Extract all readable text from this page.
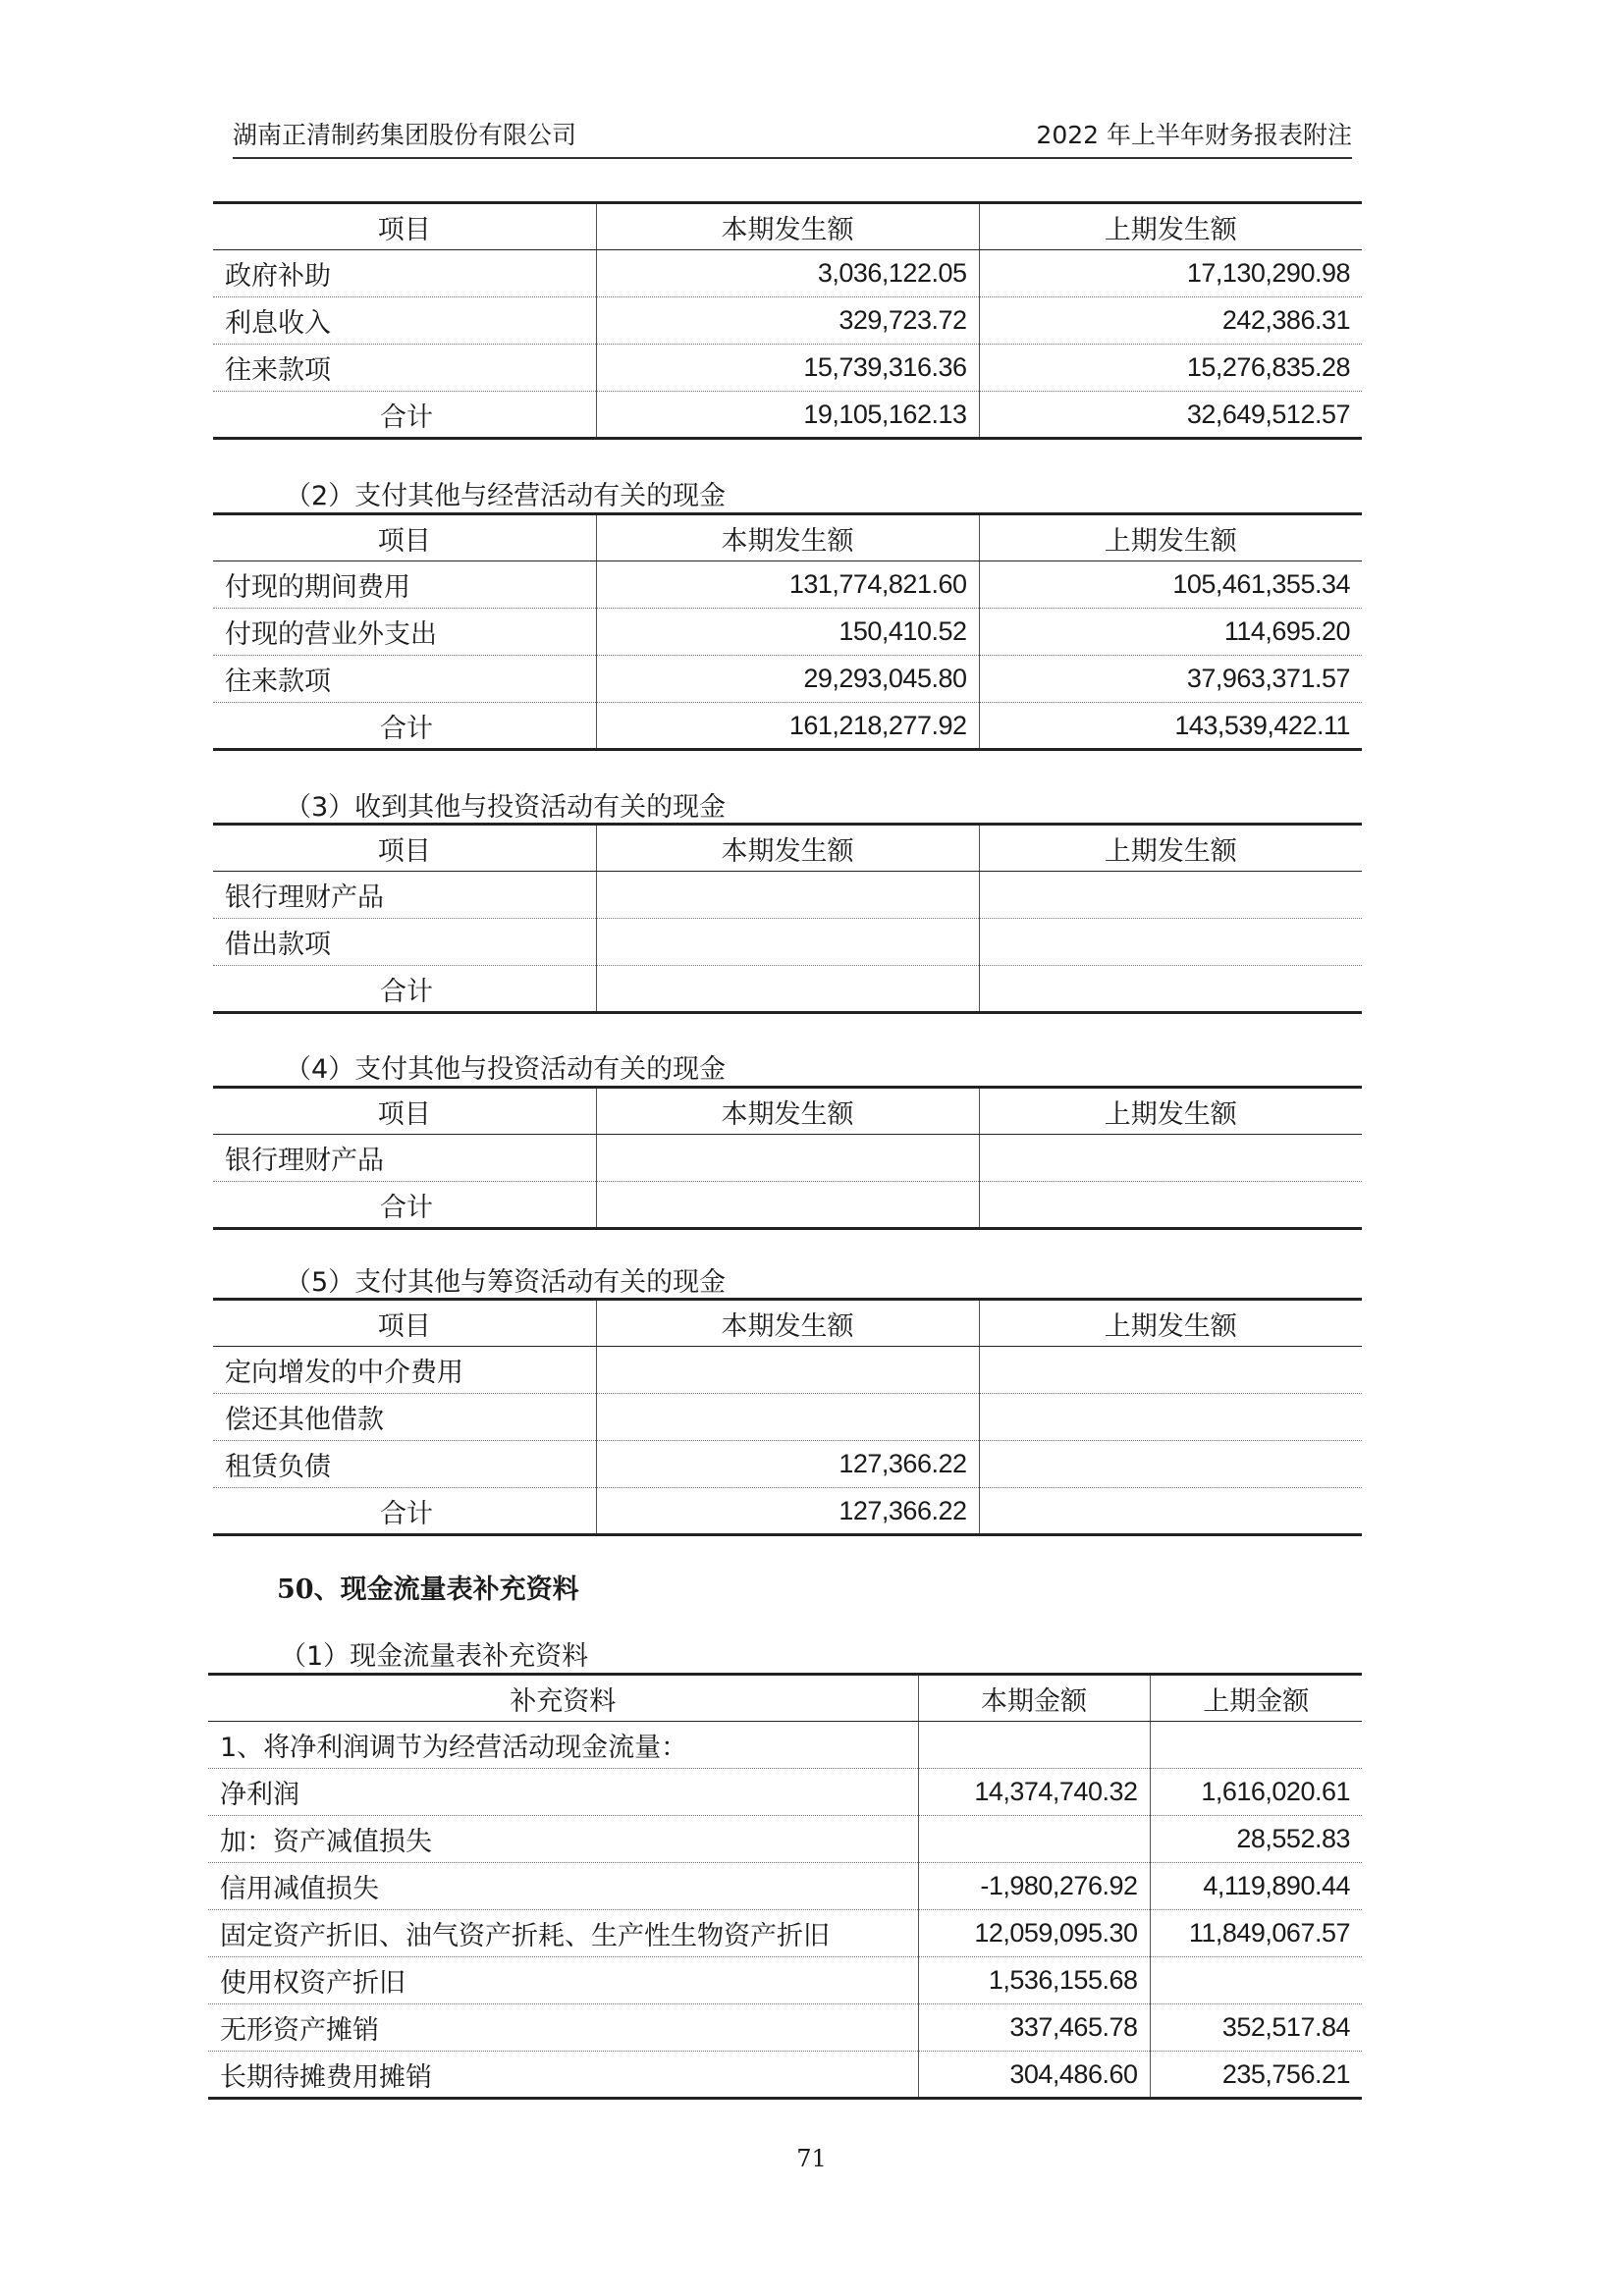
湖南正清制药集团股份有限公司	2022 年上半年财务报表附注
项目	本期发生额	上期发生额
政府补助	3,036,122.05	17,130,290.98
利息收入	329,723.72	242,386.31
往来款项	15,739,316.36	15,276,835.28
合计	19,105,162.13	32,649,512.57
（2）支付其他与经营活动有关的现金
项目	本期发生额	上期发生额
付现的期间费用	131,774,821.60	105,461,355.34
付现的营业外支出	150,410.52	114,695.20
往来款项	29,293,045.80	37,963,371.57
合计	161,218,277.92	143,539,422.11
（3）收到其他与投资活动有关的现金
项目	本期发生额	上期发生额
银行理财产品		
借出款项		
合计		
（4）支付其他与投资活动有关的现金
项目	本期发生额	上期发生额
银行理财产品		
合计		
（5）支付其他与筹资活动有关的现金
项目	本期发生额	上期发生额
定向增发的中介费用		
偿还其他借款		
租赁负债	127,366.22	
合计	127,366.22	
50、现金流量表补充资料
（1）现金流量表补充资料
补充资料	本期金额	上期金额
1、将净利润调节为经营活动现金流量：		
净利润	14,374,740.32	1,616,020.61
加：资产减值损失		28,552.83
信用减值损失	-1,980,276.92	4,119,890.44
固定资产折旧、油气资产折耗、生产性生物资产折旧	12,059,095.30	11,849,067.57
使用权资产折旧	1,536,155.68	
无形资产摊销	337,465.78	352,517.84
长期待摊费用摊销	304,486.60	235,756.21
71
